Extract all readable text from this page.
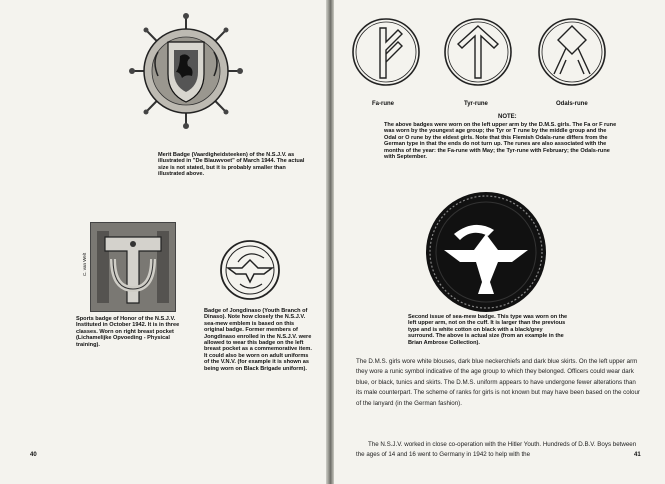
Merit Badge (Vaardigheidsteeken) of the N.S.J.V. as illustrated in "De Blauwvoet" of March 1944. The actual size is not stated, but it is probably smaller than illustrated above.
C. van Welt
Sports badge of Honor of the N.S.J.V. Instituted in October 1942. It is in three classes. Worn on right breast pocket (Lichamelijke Opvoeding - Physical training).
Badge of Jongdinaso (Youth Branch of Dinaso). Note how closely the N.S.J.V. sea-mew emblem is based on this original badge. Former members of Jongdinaso enrolled in the N.S.J.V. were allowed to wear this badge on the left breast pocket as a commemorative item. It could also be worn on adult uniforms of the V.N.V. (for example it is shown as being worn on Black Brigade uniform).
40
Fa-rune	Tyr-rune	Odals-rune
NOTE:
The above badges were worn on the left upper arm by the D.M.S. girls. The Fa or F rune was worn by the youngest age group; the Tyr or T rune by the middle group and the Odal or O rune by the eldest girls. Note that this Flemish Odals-rune differs from the German type in that the ends do not turn up. The runes are also associated with the months of the year: the Fa-rune with May; the Tyr-rune with February; the Odals-rune with September.
Second issue of sea-mew badge. This type was worn on the left upper arm, not on the cuff. It is larger than the previous type and is white cotton on black with a black/grey surround. The above is actual size (from an example in the Brian Ambrose Collection).
The D.M.S. girls wore white blouses, dark blue neckerchiefs and dark blue skirts. On the left upper arm they wore a runic symbol indicative of the age group to which they belonged. Officers could wear dark blue, or black, tunics and skirts. The D.M.S. uniform appears to have undergone fewer alterations than its male counterpart. The scheme of ranks for girls is not known but may have been based on the colour of the lanyard (in the German fashion).
The N.S.J.V. worked in close co-operation with the Hitler Youth. Hundreds of D.B.V. Boys between the ages of 14 and 16 went to Germany in 1942 to help with the	41
